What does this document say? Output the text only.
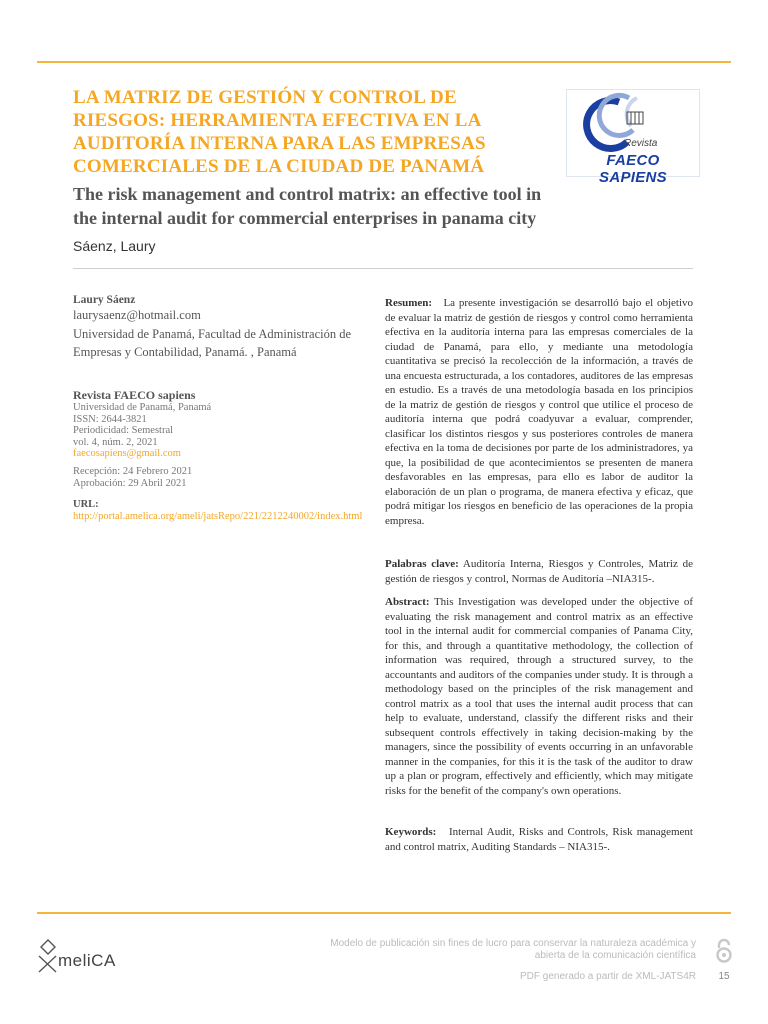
LA MATRIZ DE GESTIÓN Y CONTROL DE RIESGOS: HERRAMIENTA EFECTIVA EN LA AUDITORÍA INTERNA PARA LAS EMPRESAS COMERCIALES DE LA CIUDAD DE PANAMÁ
The risk management and control matrix: an effective tool in the internal audit for commercial enterprises in panama city
Sáenz, Laury
Revista
FAECO SAPIENS

Laury Sáenz

laurysaenz@hotmail.com

Universidad de Panamá, Facultad de Administración de Empresas y Contabilidad, Panamá. , Panamá

Revista FAECO sapiens

Universidad de Panamá, Panamá

ISSN: 2644-3821

Periodicidad: Semestral

vol. 4, núm. 2, 2021

faecosapiens@gmail.com

Recepción: 24 Febrero 2021

Aprobación: 29 Abril 2021

URL: http://portal.amelica.org/ameli/jatsRepo/221/2212240002/index.html

Resumen: La presente investigación se desarrolló bajo el objetivo de evaluar la matriz de gestión de riesgos y control como herramienta efectiva en la auditoría interna para las empresas comerciales de la ciudad de Panamá, para ello, y mediante una metodología cuantitativa se precisó la recolección de la información, a través de una encuesta estructurada, a los contadores, auditores de las empresas en estudio. Es a través de una metodología basada en los principios de la matriz de gestión de riesgos y control que utilice el proceso de auditoría interna que podrá coadyuvar a evaluar, comprender, clasificar los distintos riesgos y sus posteriores controles de manera efectiva en la toma de decisiones por parte de los administradores, ya que, la posibilidad de que acontecimientos se presenten de manera desfavorables en las empresas, para ello es labor de auditor la elaboración de un plan o programa, de manera efectiva y eficaz, que podrá mitigar los riesgos en beneficio de las operaciones de la propia empresa.

Palabras clave: Auditoría Interna, Riesgos y Controles, Matriz de gestión de riesgos y control, Normas de Auditoría –NIA315-.

Abstract: This Investigation was developed under the objective of evaluating the risk management and control matrix as an effective tool in the internal audit for commercial companies of Panama City, for this, and through a quantitative methodology, the collection of information was required, through a structured survey, to the accountants and auditors of the companies under study. It is through a methodology based on the principles of the risk management and control matrix as a tool that uses the internal audit process that can help to evaluate, understand, classify the different risks and their subsequent controls effectively in taking decision-making by the managers, since the possibility of events occurring in an unfavorable manner in the companies, for this it is the task of the auditor to draw up a plan or program, effectively and efficiently, which may mitigate risks for the benefit of the company's own operations.

Keywords: Internal Audit, Risks and Controls, Risk management and control matrix, Auditing Standards – NIA315-.

meliCA

Modelo de publicación sin fines de lucro para conservar la naturaleza académica y abierta de la comunicación científica

PDF generado a partir de XML-JATS4R	15
